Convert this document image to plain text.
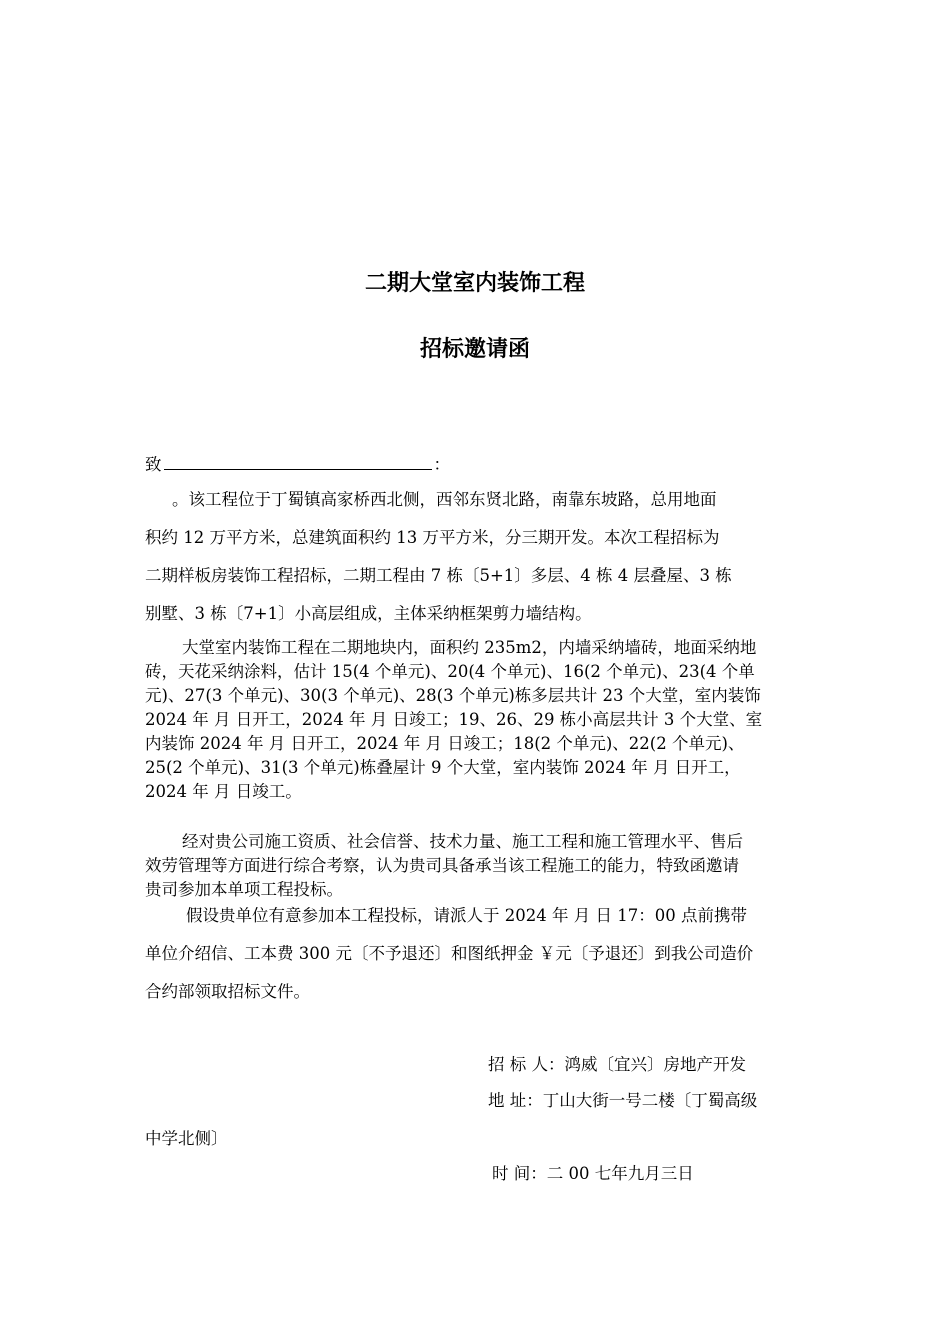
二期大堂室内装饰工程
招标邀请函
致	：
。该工程位于丁蜀镇高家桥西北侧，西邻东贤北路，南靠东坡路，总用地面
积约 12 万平方米，总建筑面积约 13 万平方米，分三期开发。本次工程招标为
二期样板房装饰工程招标，二期工程由 7 栋〔5+1〕多层、4 栋 4 层叠屋、3 栋
别墅、3 栋〔7+1〕小高层组成，主体采纳框架剪力墙结构。
大堂室内装饰工程在二期地块内，面积约 235m2，内墙采纳墙砖，地面采纳地
砖，天花采纳涂料，估计 15(4 个单元)、20(4 个单元)、16(2 个单元)、23(4 个单
元)、27(3 个单元)、30(3 个单元)、28(3 个单元)栋多层共计 23 个大堂，室内装饰
2024 年 月 日开工，2024 年 月 日竣工；19、26、29 栋小高层共计 3 个大堂、室
内装饰 2024 年 月 日开工，2024 年 月 日竣工；18(2 个单元)、22(2 个单元)、
25(2 个单元)、31(3 个单元)栋叠屋计 9 个大堂，室内装饰 2024 年 月 日开工，
2024 年 月 日竣工。
经对贵公司施工资质、社会信誉、技术力量、施工工程和施工管理水平、售后
效劳管理等方面进行综合考察，认为贵司具备承当该工程施工的能力，特致函邀请
贵司参加本单项工程投标。
假设贵单位有意参加本工程投标，请派人于 2024 年 月 日 17：00 点前携带
单位介绍信、工本费 300 元〔不予退还〕和图纸押金 ￥元〔予退还〕到我公司造价
合约部领取招标文件。
招 标 人：鸿威〔宜兴〕房地产开发
地 址：丁山大街一号二楼〔丁蜀高级
中学北侧〕
时 间：二 00 七年九月三日
